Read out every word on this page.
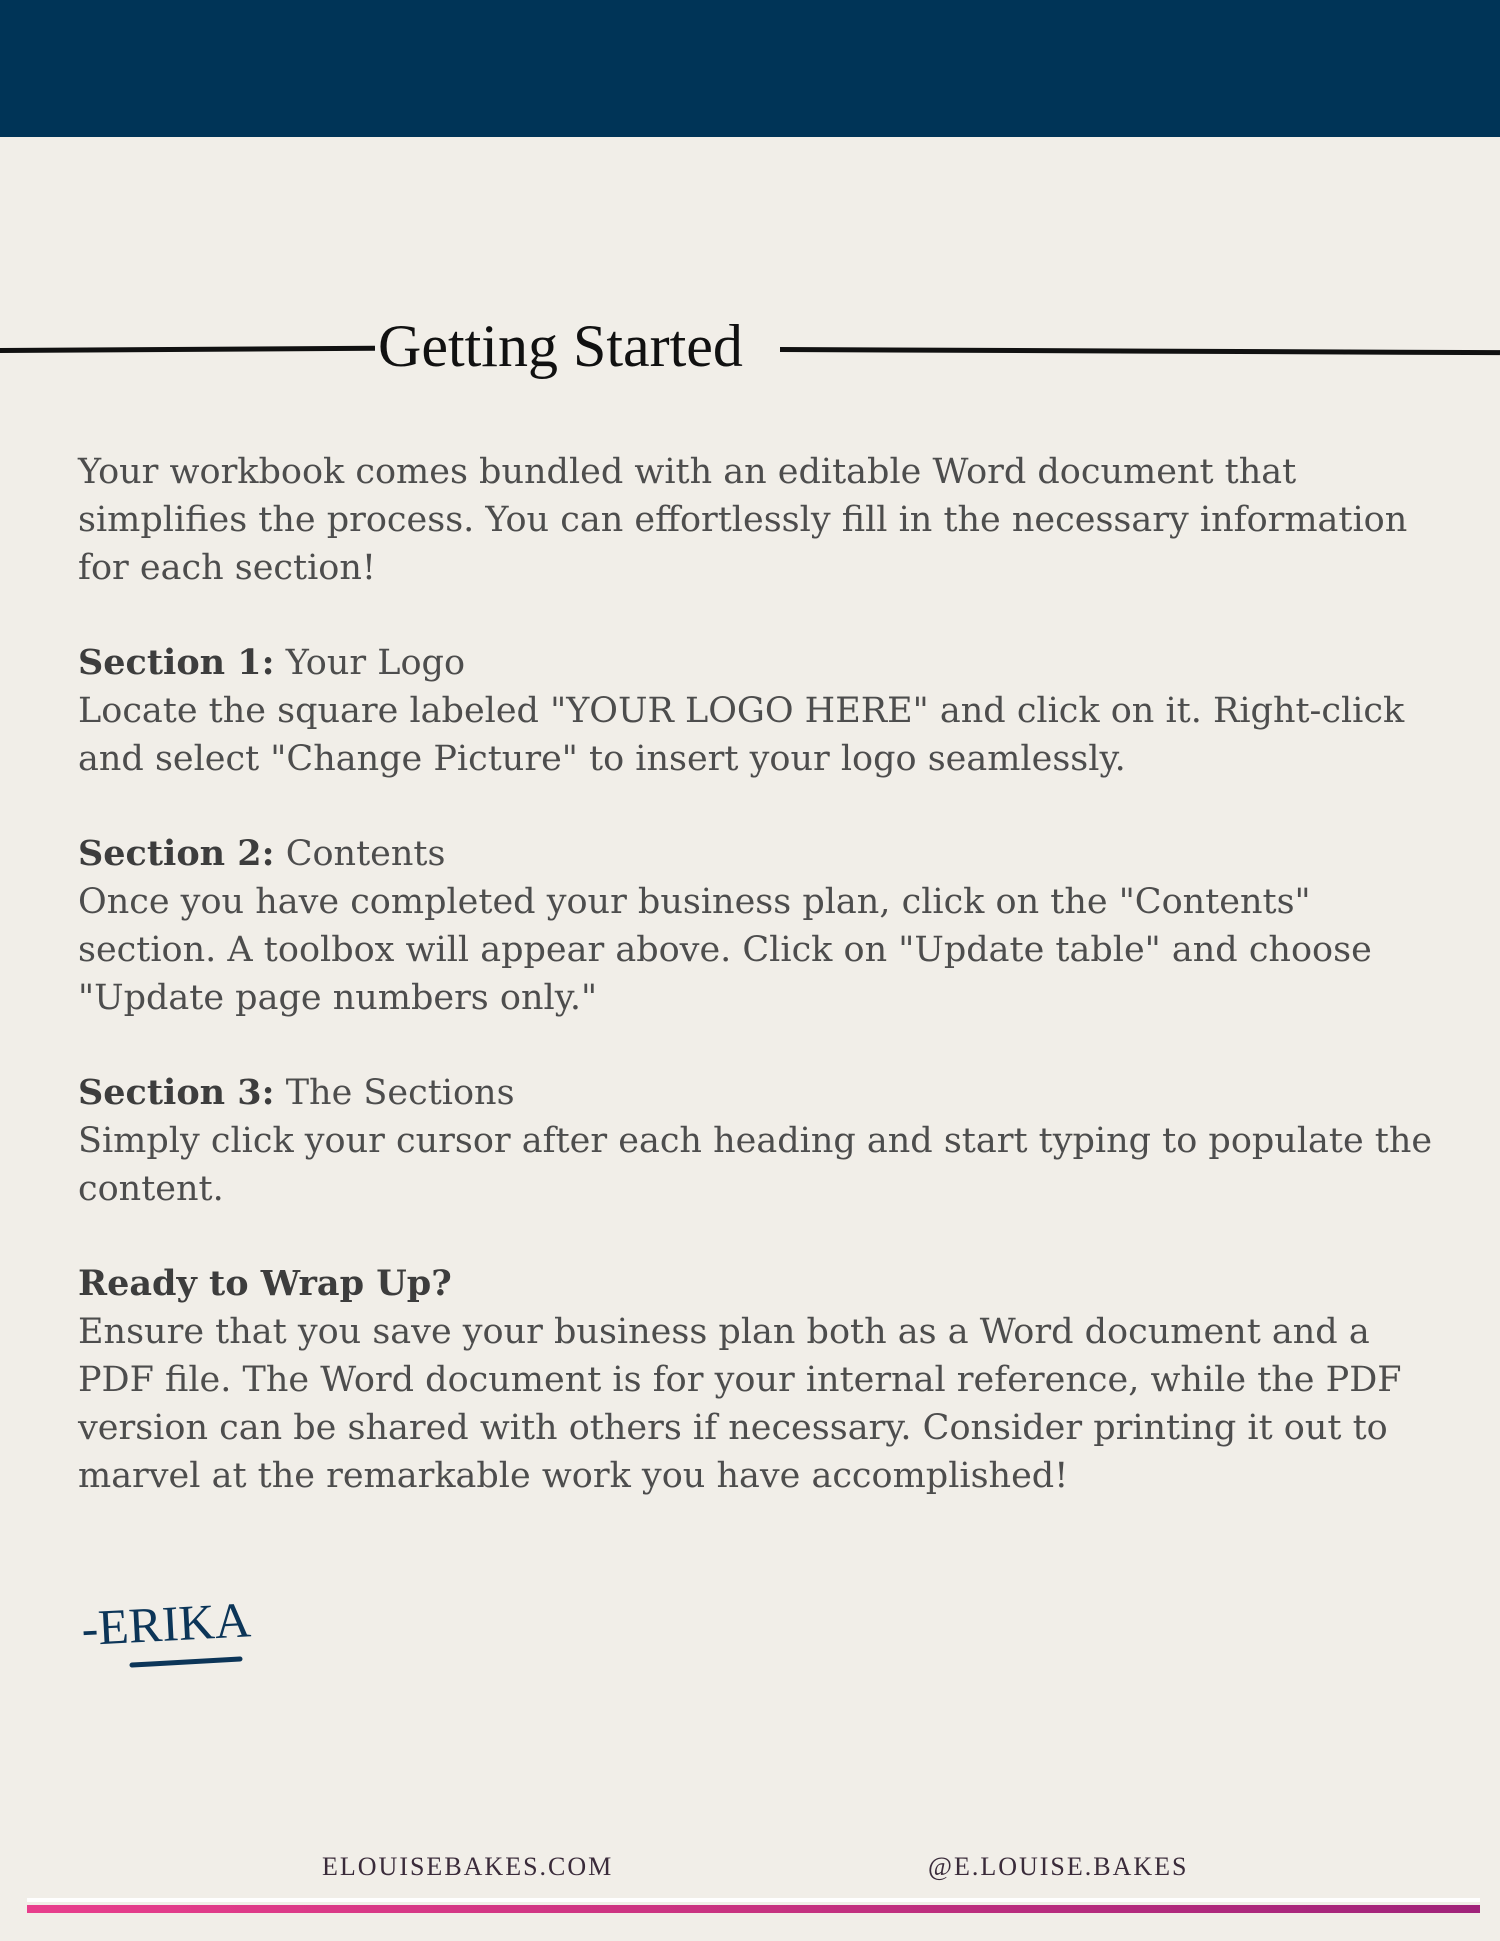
Getting Started

Your workbook comes bundled with an editable Word document that simplifies the process. You can effortlessly fill in the necessary information for each section!

Section 1: Your Logo
Locate the square labeled "YOUR LOGO HERE" and click on it. Right-click and select "Change Picture" to insert your logo seamlessly.

Section 2: Contents
Once you have completed your business plan, click on the "Contents" section. A toolbox will appear above. Click on "Update table" and choose "Update page numbers only."

Section 3: The Sections
Simply click your cursor after each heading and start typing to populate the content.

Ready to Wrap Up?
Ensure that you save your business plan both as a Word document and a PDF file. The Word document is for your internal reference, while the PDF version can be shared with others if necessary. Consider printing it out to marvel at the remarkable work you have accomplished!

-ERIKA
ELOUISEBAKES.COM	@E.LOUISE.BAKES
